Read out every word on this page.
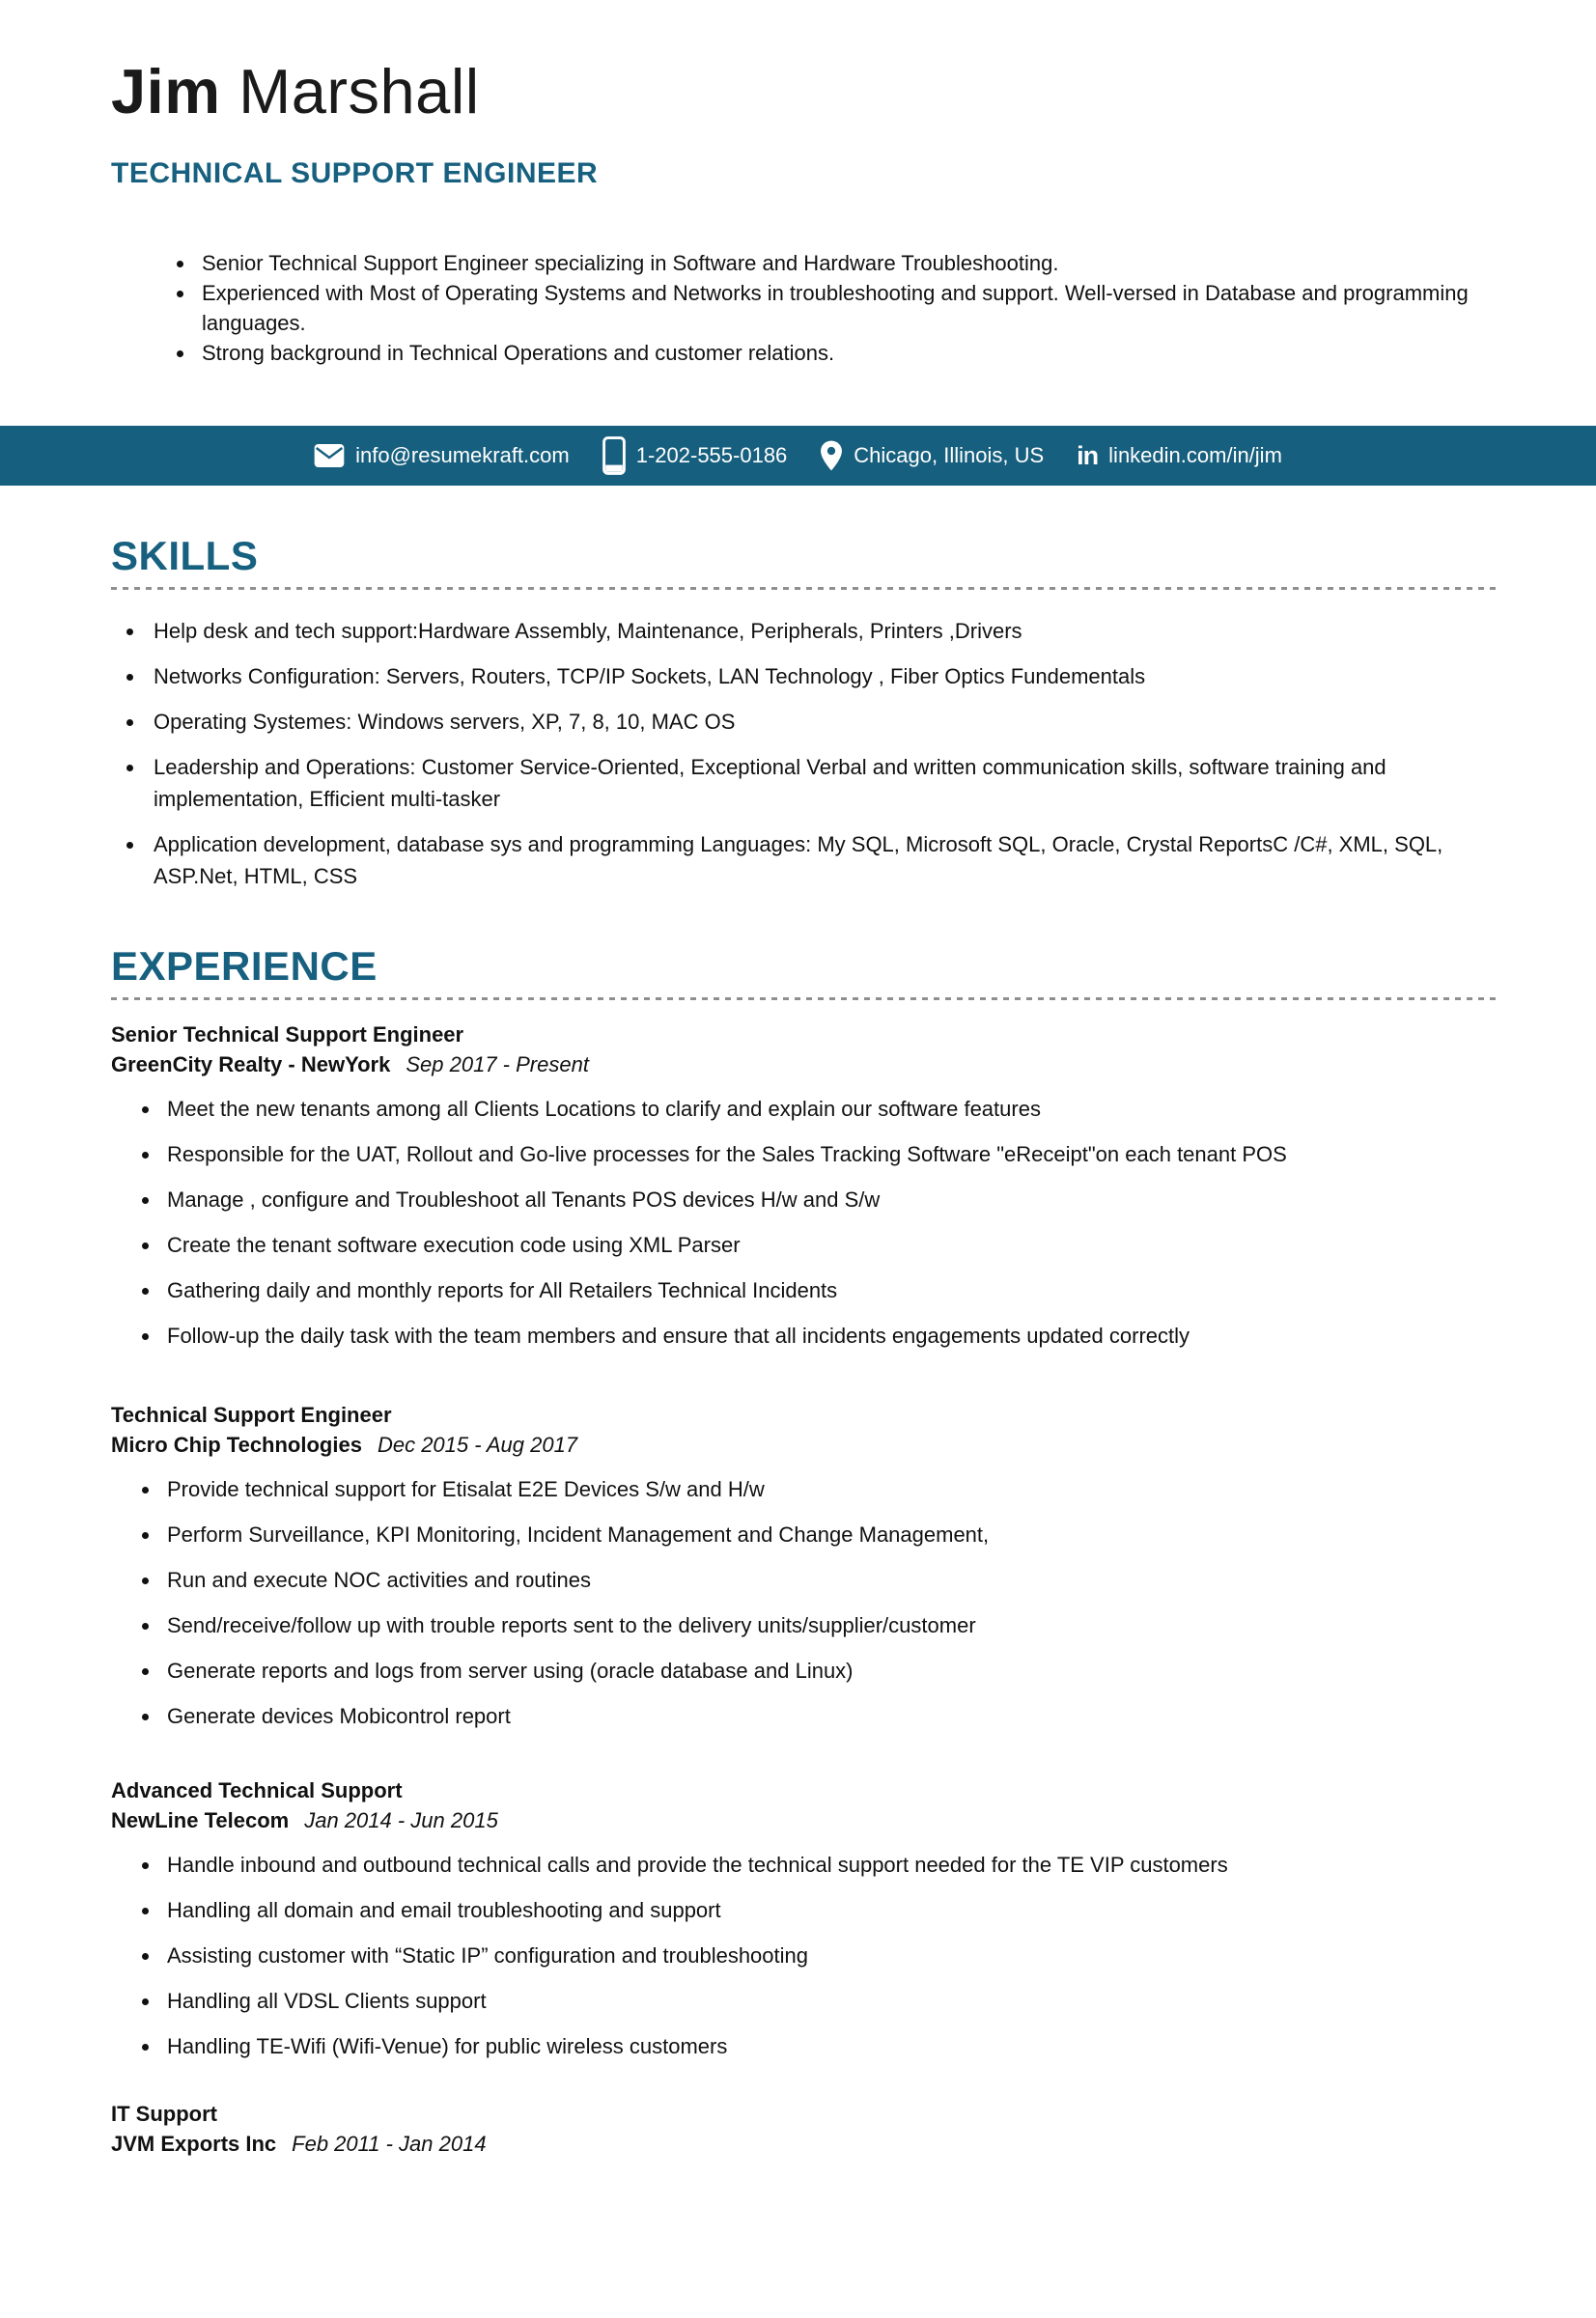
Jim Marshall
TECHNICAL SUPPORT ENGINEER
• Senior Technical Support Engineer specializing in Software and Hardware Troubleshooting.
• Experienced with Most of Operating Systems and Networks in troubleshooting and support. Well-versed in Database and programming languages.
• Strong background in Technical Operations and customer relations.
info@resumekraft.com	1-202-555-0186	Chicago, Illinois, US in linkedin.com/in/jim
SKILLS
• Help desk and tech support:Hardware Assembly, Maintenance, Peripherals, Printers ,Drivers
• Networks Configuration: Servers, Routers, TCP/IP Sockets, LAN Technology , Fiber Optics Fundementals
• Operating Systemes: Windows servers, XP, 7, 8, 10, MAC OS
• Leadership and Operations: Customer Service-Oriented, Exceptional Verbal and written communication skills, software training and implementation, Efficient multi-tasker
• Application development, database sys and programming Languages: My SQL, Microsoft SQL, Oracle, Crystal ReportsC /C#, XML, SQL, ASP.Net, HTML, CSS
EXPERIENCE
Senior Technical Support Engineer
GreenCity Realty - NewYork Sep 2017 - Present
• Meet the new tenants among all Clients Locations to clarify and explain our software features
• Responsible for the UAT, Rollout and Go-live processes for the Sales Tracking Software "eReceipt"on each tenant POS
• Manage , configure and Troubleshoot all Tenants POS devices H/w and S/w
• Create the tenant software execution code using XML Parser
• Gathering daily and monthly reports for All Retailers Technical Incidents
• Follow-up the daily task with the team members and ensure that all incidents engagements updated correctly
Technical Support Engineer
Micro Chip Technologies Dec 2015 - Aug 2017
• Provide technical support for Etisalat E2E Devices S/w and H/w
• Perform Surveillance, KPI Monitoring, Incident Management and Change Management,
• Run and execute NOC activities and routines
• Send/receive/follow up with trouble reports sent to the delivery units/supplier/customer
• Generate reports and logs from server using (oracle database and Linux)
• Generate devices Mobicontrol report
Advanced Technical Support
NewLine Telecom Jan 2014 - Jun 2015
• Handle inbound and outbound technical calls and provide the technical support needed for the TE VIP customers
• Handling all domain and email troubleshooting and support
• Assisting customer with “Static IP” configuration and troubleshooting
• Handling all VDSL Clients support
• Handling TE-Wifi (Wifi-Venue) for public wireless customers
IT Support
JVM Exports Inc Feb 2011 - Jan 2014
